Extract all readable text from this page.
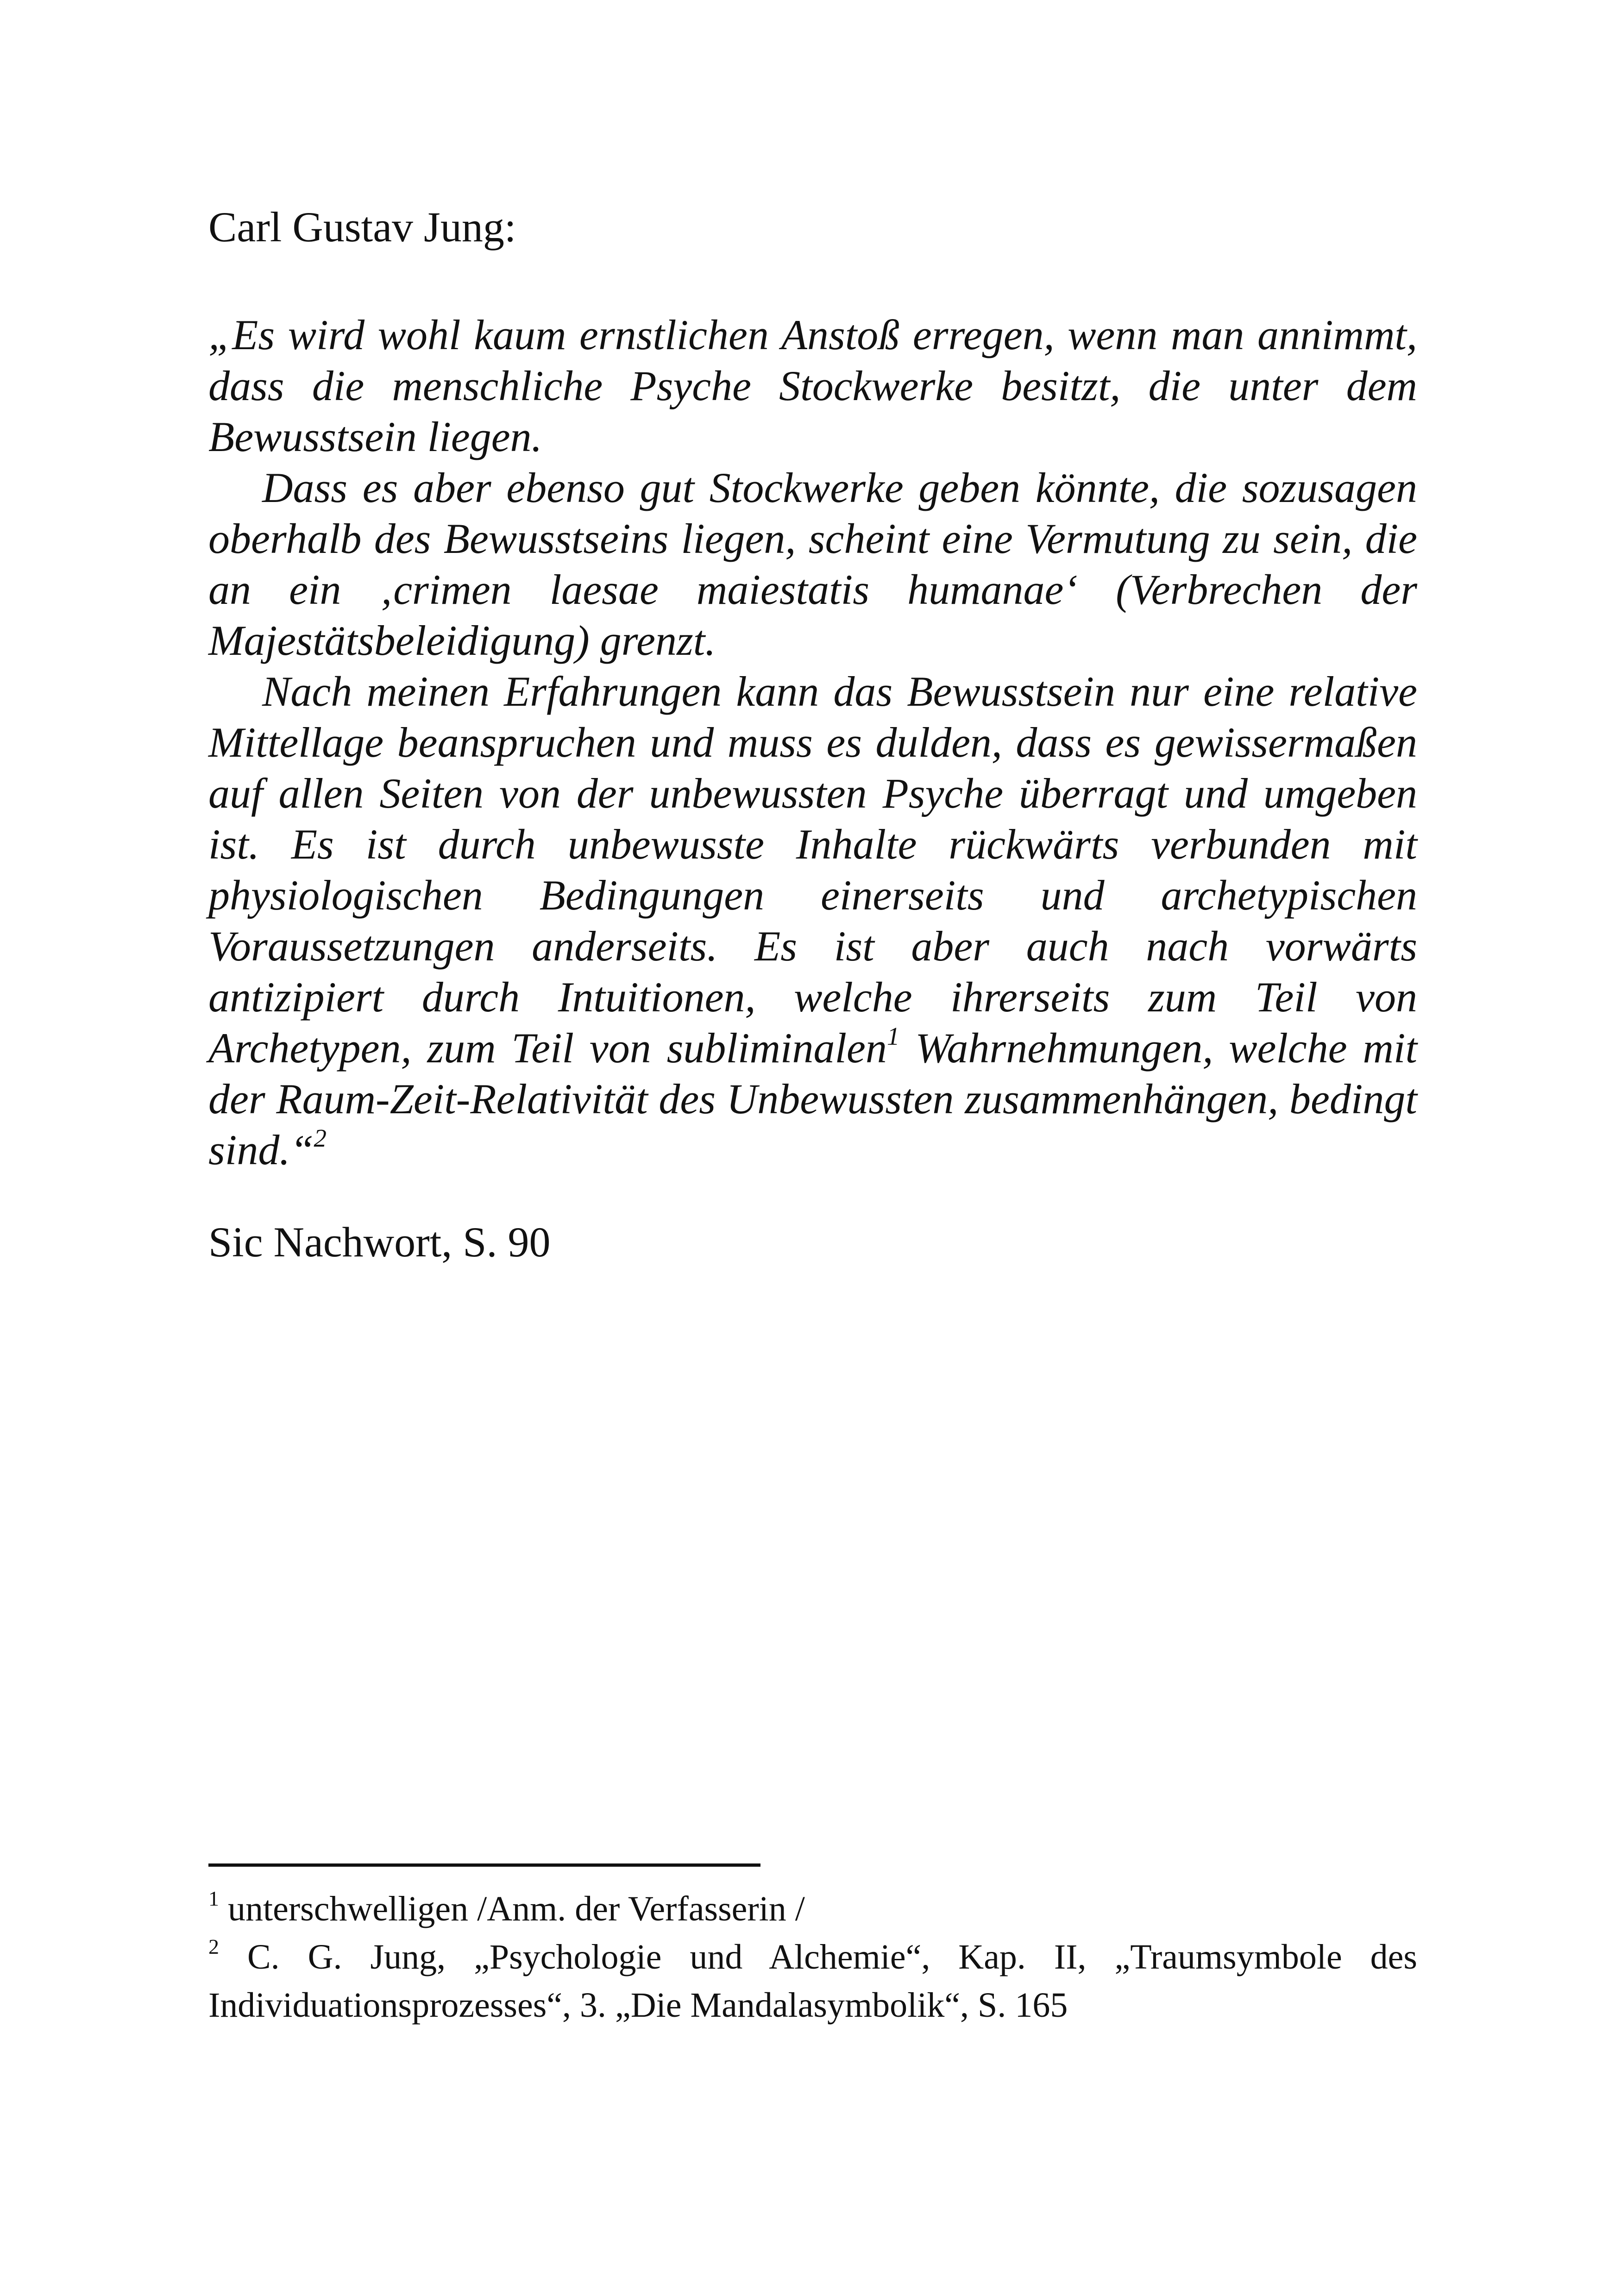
Carl Gustav Jung:

„Es wird wohl kaum ernstlichen Anstoß erregen, wenn man annimmt, dass die menschliche Psyche Stockwerke besitzt, die unter dem Bewusstsein liegen.

Dass es aber ebenso gut Stockwerke geben könnte, die sozusagen oberhalb des Bewusstseins liegen, scheint eine Vermutung zu sein, die an ein ‚crimen laesae maiestatis humanae‘ (Verbrechen der Majestätsbeleidigung) grenzt.

Nach meinen Erfahrungen kann das Bewusstsein nur eine relative Mittellage beanspruchen und muss es dulden, dass es gewissermaßen auf allen Seiten von der unbewussten Psyche überragt und umgeben ist. Es ist durch unbewusste Inhalte rückwärts verbunden mit physiologischen Bedingungen einerseits und archetypischen Voraussetzungen anderseits. Es ist aber auch nach vorwärts antizipiert durch Intuitionen, welche ihrerseits zum Teil von Archetypen, zum Teil von subliminalen$^1$ Wahrnehmungen, welche mit der Raum-Zeit-Relativität des Unbewussten zusammenhängen, bedingt sind.“$^2$

Sic Nachwort, S. 90

$^1$ unterschwelligen /Anm. der Verfasserin /

$^2$ C. G. Jung, „Psychologie und Alchemie“, Kap. II, „Traumsymbole des Individuationsprozesses“, 3. „Die Mandalasymbolik“, S. 165
